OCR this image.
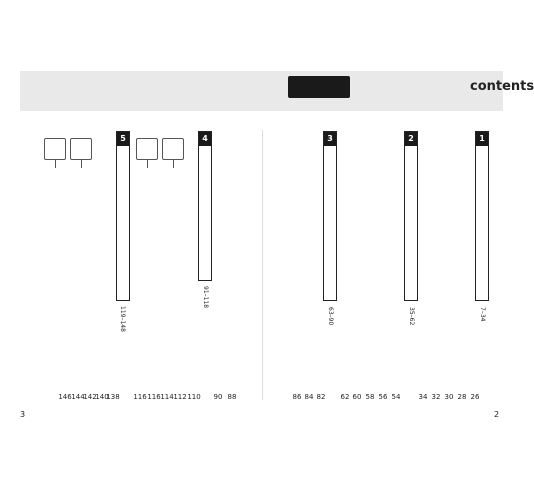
contents
3	2
5
119–148
146 144
142
140
138
4
91–118
116 116 114 112 110	90 88
3
63–90
86 84 82
2
35–62
62 60 58 56 54
1
7–34
34 32 30 28 26
